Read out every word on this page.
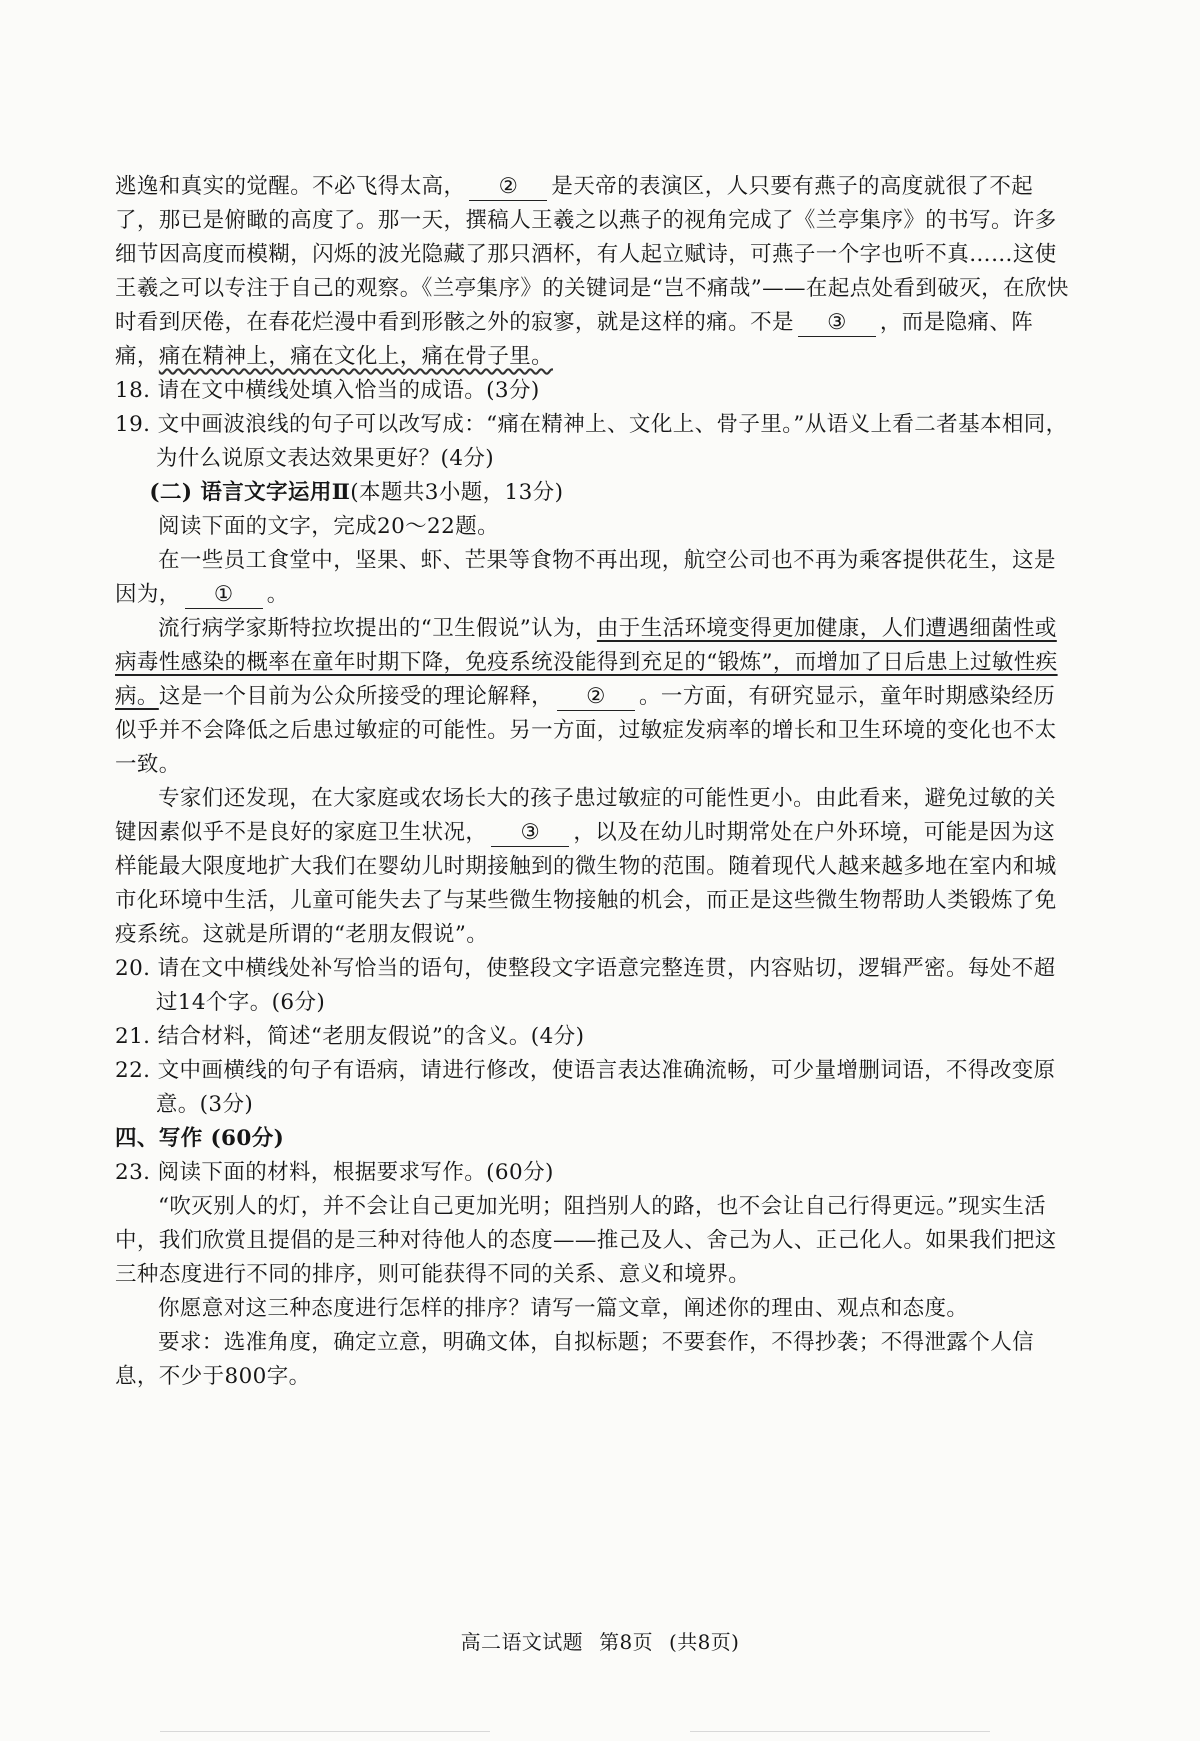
逃逸和真实的觉醒。不必飞得太高， ② 是天帝的表演区，人只要有燕子的高度就很了不起了，那已是俯瞰的高度了。那一天，撰稿人王羲之以燕子的视角完成了《兰亭集序》的书写。许多细节因高度而模糊，闪烁的波光隐藏了那只酒杯，有人起立赋诗，可燕子一个字也听不真……这使王羲之可以专注于自己的观察。《兰亭集序》的关键词是“岂不痛哉”——在起点处看到破灭，在欣快时看到厌倦，在春花烂漫中看到形骸之外的寂寥，就是这样的痛。不是 ③ ，而是隐痛、阵痛，痛在精神上，痛在文化上，痛在骨子里。

18. 请在文中横线处填入恰当的成语。(3分)

19. 文中画波浪线的句子可以改写成：“痛在精神上、文化上、骨子里。”从语义上看二者基本相同，为什么说原文表达效果更好？(4分)

(二) 语言文字运用Ⅱ(本题共3小题，13分)

阅读下面的文字，完成20～22题。

在一些员工食堂中，坚果、虾、芒果等食物不再出现，航空公司也不再为乘客提供花生，这是因为， ① 。

流行病学家斯特拉坎提出的“卫生假说”认为，由于生活环境变得更加健康，人们遭遇细菌性或病毒性感染的概率在童年时期下降，免疫系统没能得到充足的“锻炼”，而增加了日后患上过敏性疾病。这是一个目前为公众所接受的理论解释， ② 。一方面，有研究显示，童年时期感染经历似乎并不会降低之后患过敏症的可能性。另一方面，过敏症发病率的增长和卫生环境的变化也不太一致。

专家们还发现，在大家庭或农场长大的孩子患过敏症的可能性更小。由此看来，避免过敏的关键因素似乎不是良好的家庭卫生状况， ③ ，以及在幼儿时期常处在户外环境，可能是因为这样能最大限度地扩大我们在婴幼儿时期接触到的微生物的范围。随着现代人越来越多地在室内和城市化环境中生活，儿童可能失去了与某些微生物接触的机会，而正是这些微生物帮助人类锻炼了免疫系统。这就是所谓的“老朋友假说”。

20. 请在文中横线处补写恰当的语句，使整段文字语意完整连贯，内容贴切，逻辑严密。每处不超过14个字。(6分)

21. 结合材料，简述“老朋友假说”的含义。(4分)

22. 文中画横线的句子有语病，请进行修改，使语言表达准确流畅，可少量增删词语，不得改变原意。(3分)

四、写作 (60分)

23. 阅读下面的材料，根据要求写作。(60分)

“吹灭别人的灯，并不会让自己更加光明；阻挡别人的路，也不会让自己行得更远。”现实生活中，我们欣赏且提倡的是三种对待他人的态度——推己及人、舍己为人、正己化人。如果我们把这三种态度进行不同的排序，则可能获得不同的关系、意义和境界。

你愿意对这三种态度进行怎样的排序？请写一篇文章，阐述你的理由、观点和态度。

要求：选准角度，确定立意，明确文体，自拟标题；不要套作，不得抄袭；不得泄露个人信息，不少于800字。

高二语文试题 第8页 (共8页)
